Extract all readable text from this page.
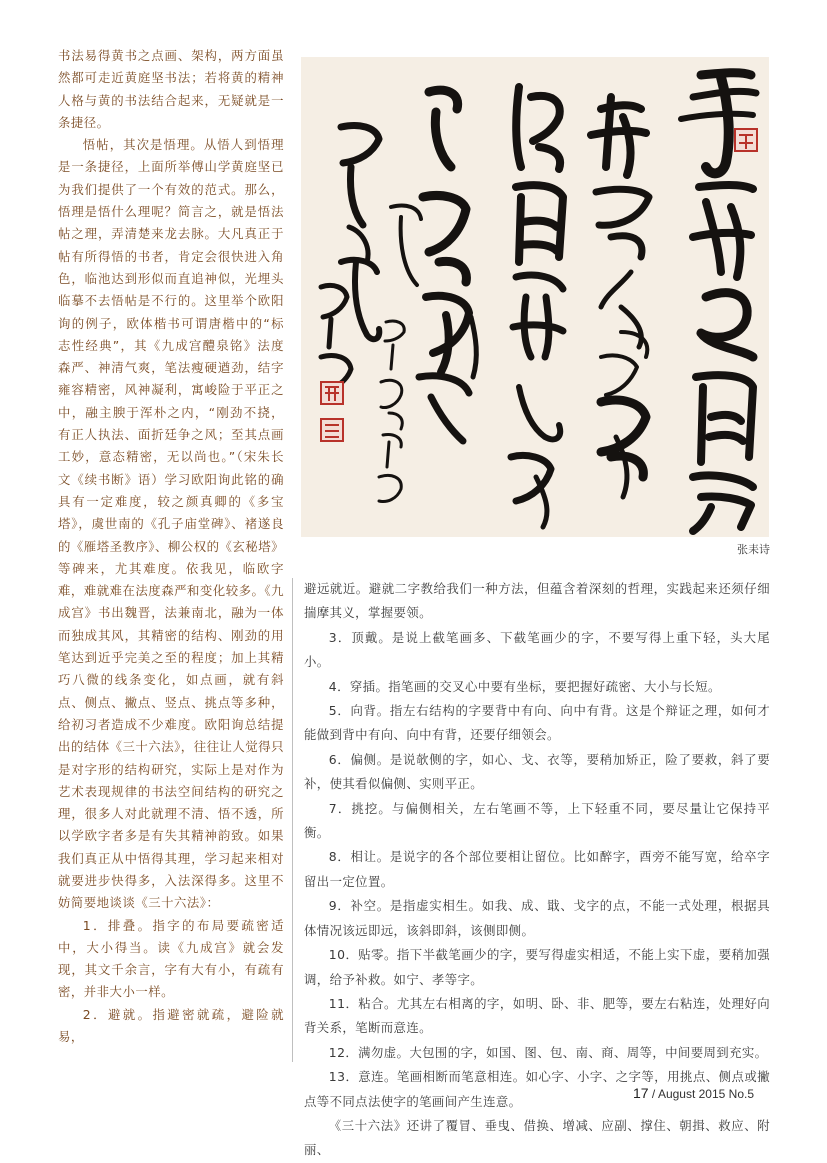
书法易得黄书之点画、架构，两方面虽然都可走近黄庭坚书法；若将黄的精神人格与黄的书法结合起来，无疑就是一条捷径。

悟帖，其次是悟理。从悟人到悟理是一条捷径，上面所举傅山学黄庭坚已为我们提供了一个有效的范式。那么，悟理是悟什么理呢？简言之，就是悟法帖之理，弄清楚来龙去脉。大凡真正于帖有所得悟的书者，肯定会很快进入角色，临池达到形似而直追神似，光埋头临摹不去悟帖是不行的。这里举个欧阳询的例子，欧体楷书可谓唐楷中的“标志性经典”，其《九成宫醴泉铭》法度森严、神清气爽，笔法瘦硬遒劲，结字雍容精密，风神凝利，寓峻险于平正之中，融主腴于浑朴之内，“刚劲不挠，有正人执法、面折廷争之风；至其点画工妙，意态精密，无以尚也。”（宋朱长文《续书断》语）学习欧阳询此铭的确具有一定难度，较之颜真卿的《多宝塔》，虞世南的《孔子庙堂碑》、褚遂良的《雁塔圣教序》、柳公权的《玄秘塔》等碑来，尤其难度。依我见，临欧字难，难就难在法度森严和变化较多。《九成宫》书出魏晋，法兼南北，融为一体而独成其风，其精密的结构、刚劲的用笔达到近乎完美之至的程度；加上其精巧八微的线条变化，如点画，就有斜点、侧点、撇点、竖点、挑点等多种，给初习者造成不少难度。欧阳询总结提出的结体《三十六法》，往往让人觉得只是对字形的结构研究，实际上是对作为艺术表现规律的书法空间结构的研究之理，很多人对此就理不清、悟不透，所以学欧字者多是有失其精神韵致。如果我们真正从中悟得其理，学习起来相对就要进步快得多，入法深得多。这里不妨简要地谈谈《三十六法》：

1．排叠。指字的布局要疏密适中，大小得当。读《九成宫》就会发现，其文千余言，字有大有小，有疏有密，并非大小一样。

2．避就。指避密就疏，避险就易，

张耒诗

避远就近。避就二字教给我们一种方法，但蕴含着深刻的哲理，实践起来还须仔细揣摩其义，掌握要领。

3．顶戴。是说上截笔画多、下截笔画少的字，不要写得上重下轻，头大尾小。

4．穿插。指笔画的交叉心中要有坐标，要把握好疏密、大小与长短。

5．向背。指左右结构的字要背中有向、向中有背。这是个辩证之理，如何才能做到背中有向、向中有背，还要仔细领会。

6．偏侧。是说欹侧的字，如心、戈、衣等，要稍加矫正，险了要救，斜了要补，使其看似偏侧、实则平正。

7．挑挖。与偏侧相关，左右笔画不等，上下轻重不同，要尽量让它保持平衡。

8．相让。是说字的各个部位要相让留位。比如醉字，酉旁不能写宽，给卒字留出一定位置。

9．补空。是指虚实相生。如我、成、戢、戈字的点，不能一式处理，根据具体情况该远即远，该斜即斜，该侧即侧。

10．贴零。指下半截笔画少的字，要写得虚实相适，不能上实下虚，要稍加强调，给予补救。如宁、孝等字。

11．粘合。尤其左右相离的字，如明、卧、非、肥等，要左右粘连，处理好向背关系，笔断而意连。

12．满勿虚。大包围的字，如国、图、包、南、商、周等，中间要周到充实。

13．意连。笔画相断而笔意相连。如心字、小字、之字等，用挑点、侧点或撇点等不同点法使字的笔画间产生连意。

《三十六法》还讲了覆冒、垂曳、借换、增减、应副、撑住、朝揖、救应、附丽、

17 / August 2015 No.5
